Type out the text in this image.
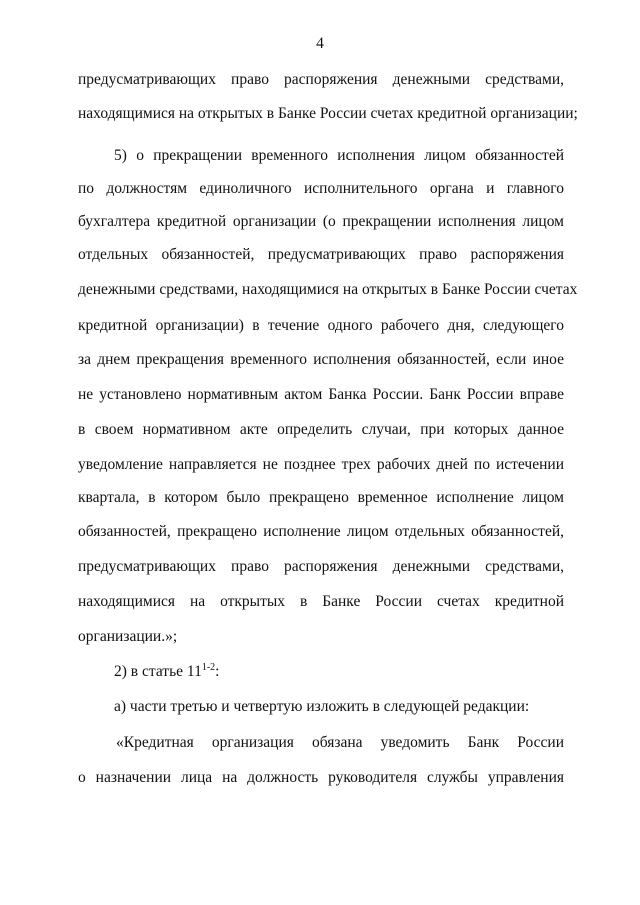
4
предусматривающих право распоряжения денежными средствами,
находящимися на открытых в Банке России счетах кредитной организации;
5) о прекращении временного исполнения лицом обязанностей
по должностям единоличного исполнительного органа и главного
бухгалтера кредитной организации (о прекращении исполнения лицом
отдельных обязанностей, предусматривающих право распоряжения
денежными средствами, находящимися на открытых в Банке России счетах
кредитной организации) в течение одного рабочего дня, следующего
за днем прекращения временного исполнения обязанностей, если иное
не установлено нормативным актом Банка России. Банк России вправе
в своем нормативном акте определить случаи, при которых данное
уведомление направляется не позднее трех рабочих дней по истечении
квартала, в котором было прекращено временное исполнение лицом
обязанностей, прекращено исполнение лицом отдельных обязанностей,
предусматривающих право распоряжения денежными средствами,
находящимися на открытых в Банке России счетах кредитной
организации.»;
2) в статье 11$^{1-2}$:
а) части третью и четвертую изложить в следующей редакции:
«Кредитная организация обязана уведомить Банк России
о назначении лица на должность руководителя службы управления
